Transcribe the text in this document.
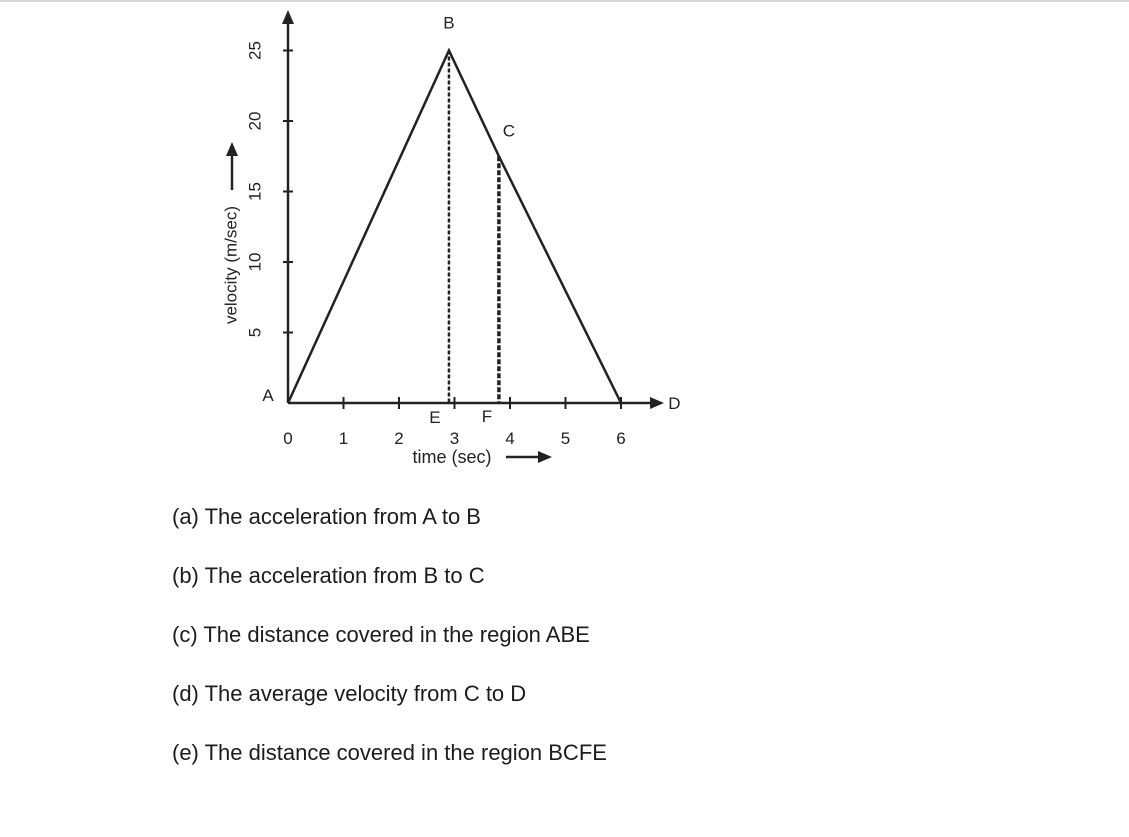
5
10
15
20
25
0	1	2	3	4	5	6
A
B
C
D
E F
time (sec)
velocity (m/sec)
(a) The acceleration from A to B
(b) The acceleration from B to C
(c) The distance covered in the region ABE
(d) The average velocity from C to D
(e) The distance covered in the region BCFE
